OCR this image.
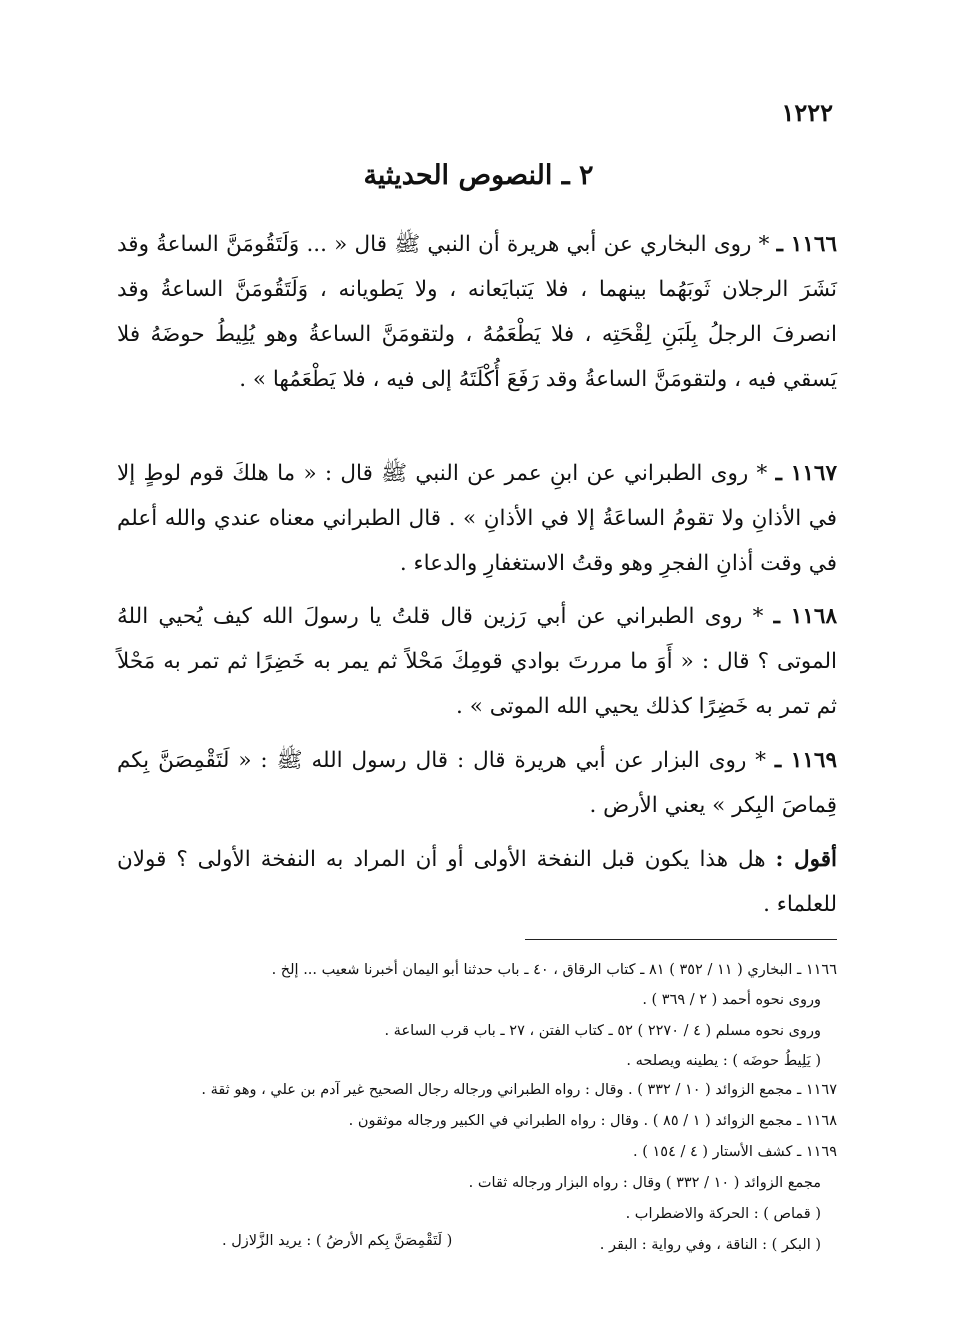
١٢٢٢
٢ ـ النصوص الحديثية
١١٦٦ ـ * روى البخاري عن أبي هريرة أن النبي ﷺ قال « ... وَلَتَقُومَنَّ الساعةُ وقد نَشَرَ الرجلان ثَوبَهُما بينهما ، فلا يَتبايَعانه ، ولا يَطويانه ، وَلَتَقُومَنَّ الساعةُ وقد انصرفَ الرجلُ بِلَبَنِ لِقْحَتِه ، فلا يَطْعَمُهُ ، ولتقومَنَّ الساعةُ وهو يُلِيطُ حوضَهُ فلا يَسقي فيه ، ولتقومَنَّ الساعةُ وقد رَفَعَ أُكْلَتَهُ إلى فيه ، فلا يَطْعَمُها » .
١١٦٧ ـ * روى الطبراني عن ابنِ عمر عن النبي ﷺ قال : « ما هلكَ قوم لوطٍ إلا في الأذانِ ولا تقومُ الساعَةُ إلا في الأذانِ » . قال الطبراني معناه عندي والله أعلم في وقت أذانِ الفجرِ وهو وقتُ الاستغفارِ والدعاء .
١١٦٨ ـ * روى الطبراني عن أبي رَزين قال قلتُ يا رسولَ الله كيف يُحيي اللهُ الموتى ؟ قال : « أَوَ ما مررتَ بوادي قومِكَ مَحْلاً ثم يمر به خَضِرًا ثم تمر به مَحْلاً ثم تمر به خَضِرًا كذلك يحيي الله الموتى » .
١١٦٩ ـ * روى البزار عن أبي هريرة قال : قال رسول الله ﷺ : « لَتَقْمِصَنَّ بِكم قِماصَ البِكر » يعني الأرض .
أقول : هل هذا يكون قبل النفخة الأولى أو أن المراد به النفخة الأولى ؟ قولان للعلماء .
١١٦٦ ـ البخاري ( ١١ / ٣٥٢ ) ٨١ ـ كتاب الرقاق ، ٤٠ ـ باب حدثنا أبو اليمان أخبرنا شعيب ... إلخ .
وروى نحوه أحمد ( ٢ / ٣٦٩ ) .
وروى نحوه مسلم ( ٤ / ٢٢٧٠ ) ٥٢ ـ كتاب الفتن ، ٢٧ ـ باب قرب الساعة .
( يَلِيطُ حوضَه ) : يطينه ويصلحه .
١١٦٧ ـ مجمع الزوائد ( ١٠ / ٣٣٢ ) . وقال : رواه الطبراني ورجاله رجال الصحيح غير آدم بن علي ، وهو ثقة .
١١٦٨ ـ مجمع الزوائد ( ١ / ٨٥ ) . وقال : رواه الطبراني في الكبير ورجاله موثقون .
١١٦٩ ـ كشف الأستار ( ٤ / ١٥٤ ) .
مجمع الزوائد ( ١٠ / ٣٣٢ ) وقال : رواه البزار ورجاله ثقات .
( قماص ) : الحركة والاضطراب .
( البكر ) : الناقة ، وفي رواية : البقر .
( لَتَقْمِصَنَّ بِكم الأرضُ ) : يريد الزَّلازل .
